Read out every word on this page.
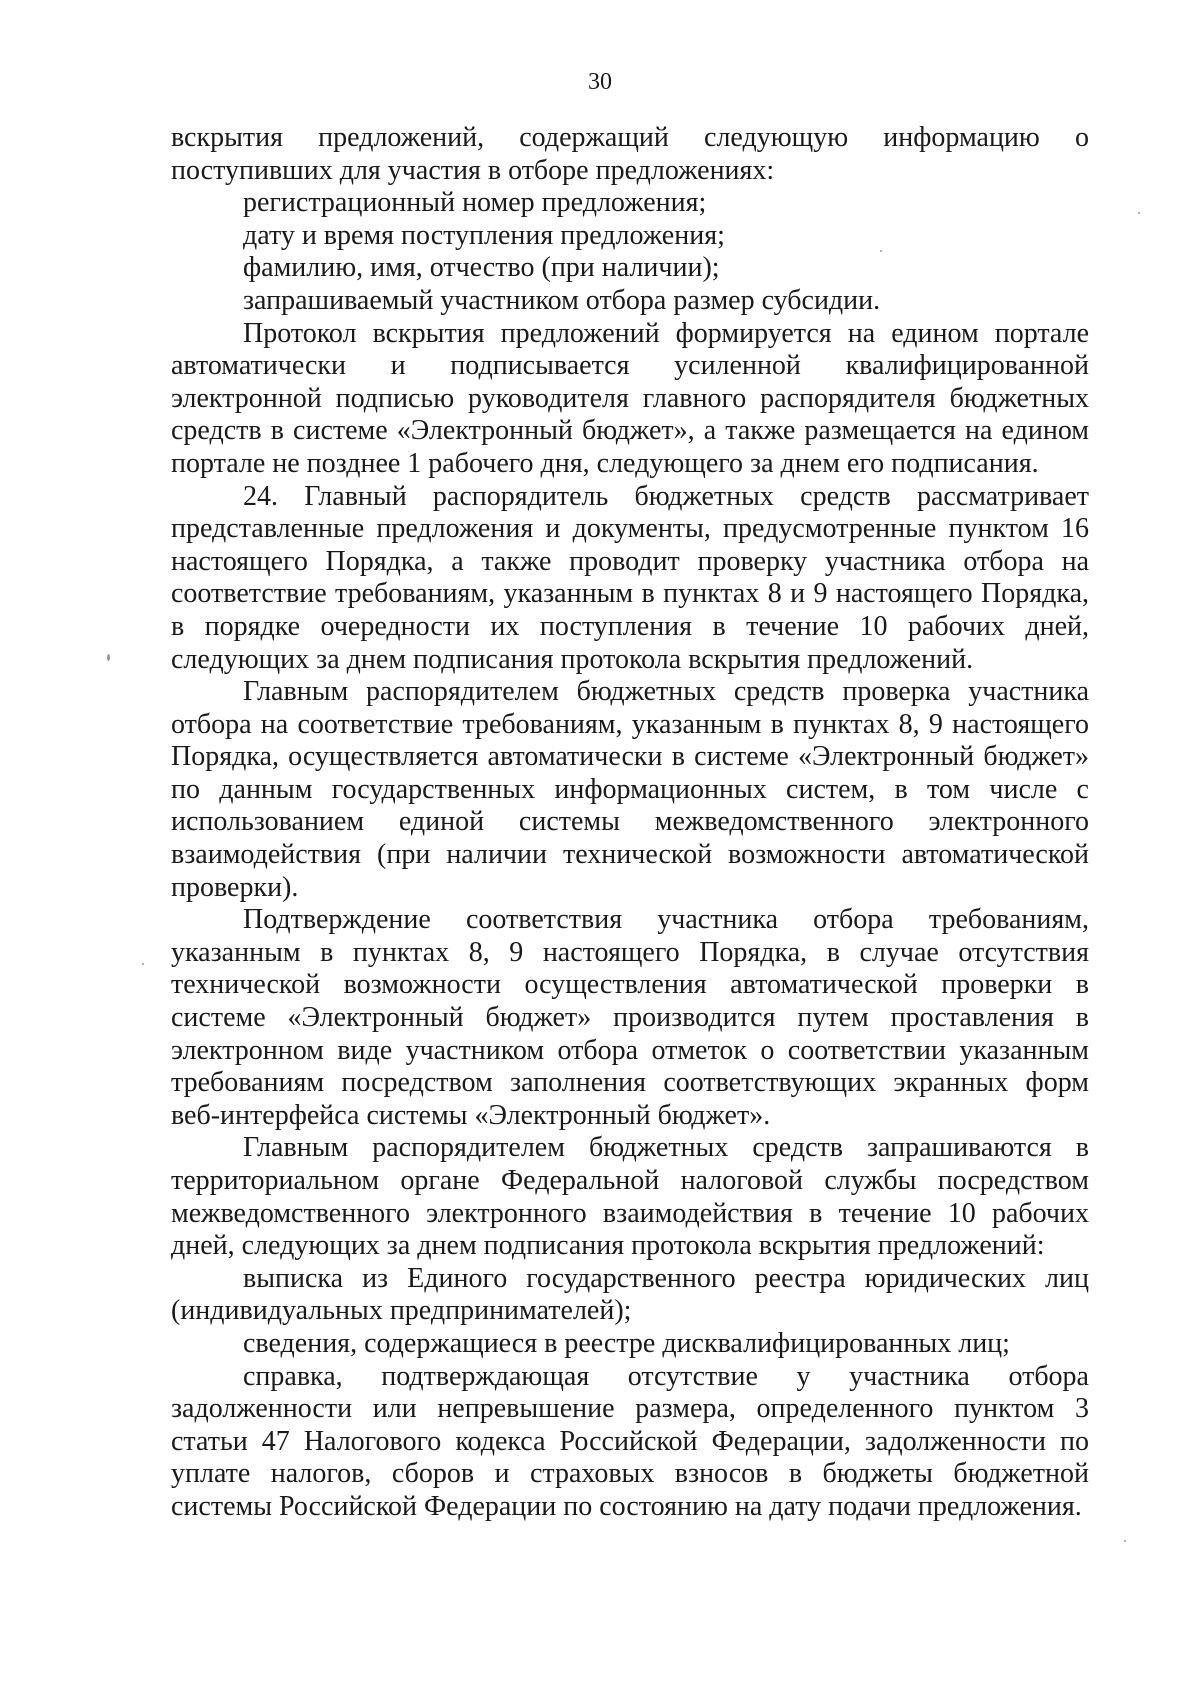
30

вскрытия предложений, содержащий следующую информацию о поступивших для участия в отборе предложениях:

регистрационный номер предложения;

дату и время поступления предложения;

фамилию, имя, отчество (при наличии);

запрашиваемый участником отбора размер субсидии.

Протокол вскрытия предложений формируется на едином портале автоматически и подписывается усиленной квалифицированной электронной подписью руководителя главного распорядителя бюджетных средств в системе «Электронный бюджет», а также размещается на едином портале не позднее 1 рабочего дня, следующего за днем его подписания.

24. Главный распорядитель бюджетных средств рассматривает представленные предложения и документы, предусмотренные пунктом 16 настоящего Порядка, а также проводит проверку участника отбора на соответствие требованиям, указанным в пунктах 8 и 9 настоящего Порядка, в порядке очередности их поступления в течение 10 рабочих дней, следующих за днем подписания протокола вскрытия предложений.

Главным распорядителем бюджетных средств проверка участника отбора на соответствие требованиям, указанным в пунктах 8, 9 настоящего Порядка, осуществляется автоматически в системе «Электронный бюджет» по данным государственных информационных систем, в том числе с использованием единой системы межведомственного электронного взаимодействия (при наличии технической возможности автоматической проверки).

Подтверждение соответствия участника отбора требованиям, указанным в пунктах 8, 9 настоящего Порядка, в случае отсутствия технической возможности осуществления автоматической проверки в системе «Электронный бюджет» производится путем проставления в электронном виде участником отбора отметок о соответствии указанным требованиям посредством заполнения соответствующих экранных форм веб-интерфейса системы «Электронный бюджет».

Главным распорядителем бюджетных средств запрашиваются в территориальном органе Федеральной налоговой службы посредством межведомственного электронного взаимодействия в течение 10 рабочих дней, следующих за днем подписания протокола вскрытия предложений:

выписка из Единого государственного реестра юридических лиц (индивидуальных предпринимателей);

сведения, содержащиеся в реестре дисквалифицированных лиц;

справка, подтверждающая отсутствие у участника отбора задолженности или непревышение размера, определенного пунктом 3 статьи 47 Налогового кодекса Российской Федерации, задолженности по уплате налогов, сборов и страховых взносов в бюджеты бюджетной системы Российской Федерации по состоянию на дату подачи предложения.
